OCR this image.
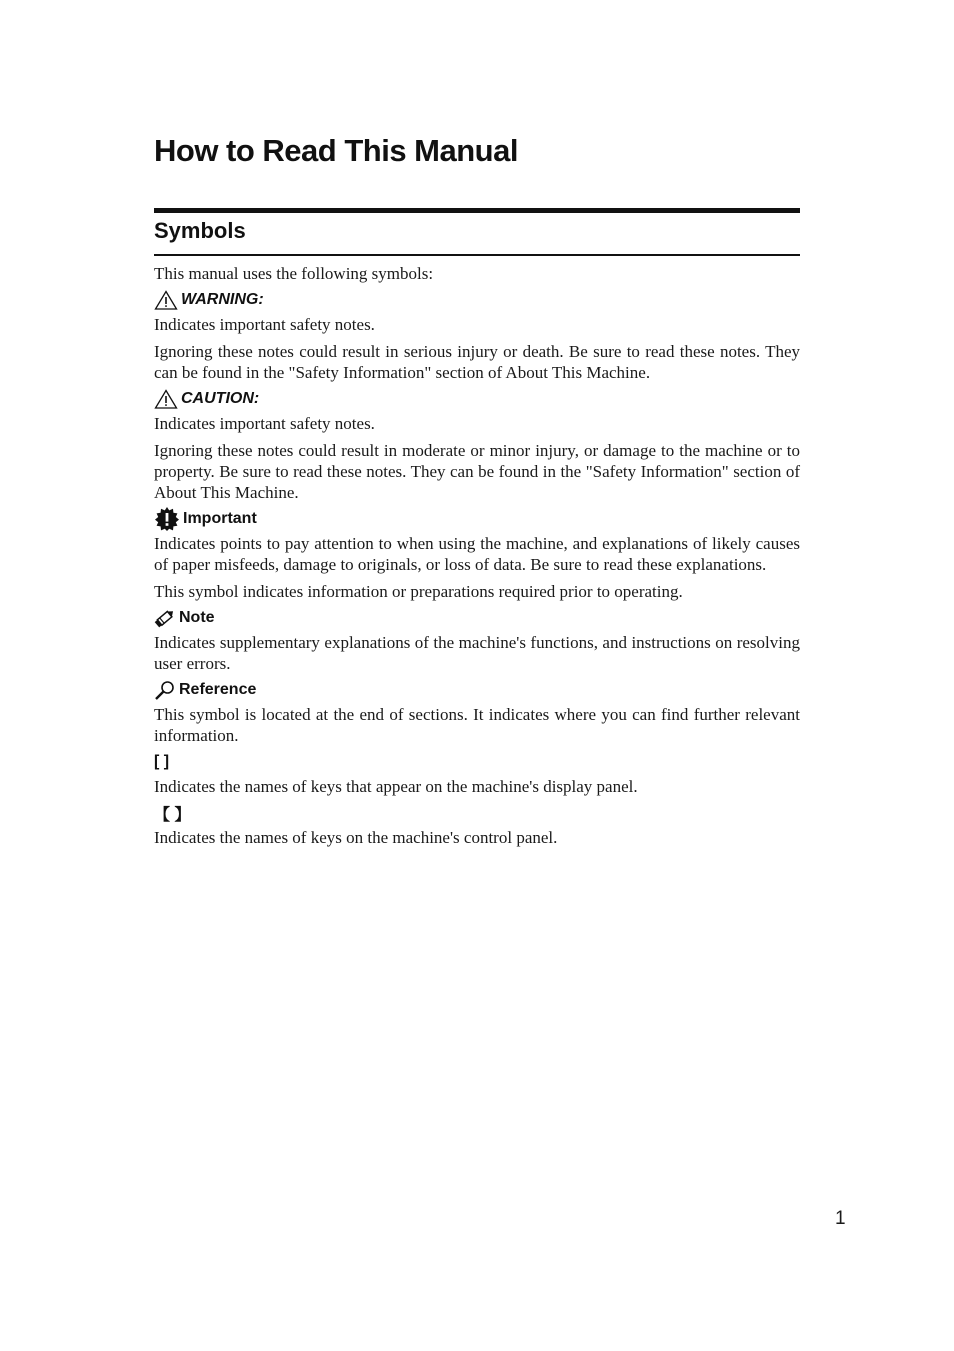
How to Read This Manual
Symbols

This manual uses the following symbols:

WARNING:

Indicates important safety notes.

Ignoring these notes could result in serious injury or death. Be sure to read these notes. They can be found in the "Safety Information" section of About This Machine.

CAUTION:

Indicates important safety notes.

Ignoring these notes could result in moderate or minor injury, or damage to the machine or to property. Be sure to read these notes. They can be found in the "Safety Information" section of About This Machine.

Important

Indicates points to pay attention to when using the machine, and explanations of likely causes of paper misfeeds, damage to originals, or loss of data. Be sure to read these explanations.

This symbol indicates information or preparations required prior to operating.

Note

Indicates supplementary explanations of the machine's functions, and instructions on resolving user errors.

Reference

This symbol is located at the end of sections. It indicates where you can find further relevant information.

[ ]

Indicates the names of keys that appear on the machine's display panel.

【 】

Indicates the names of keys on the machine's control panel.

1
